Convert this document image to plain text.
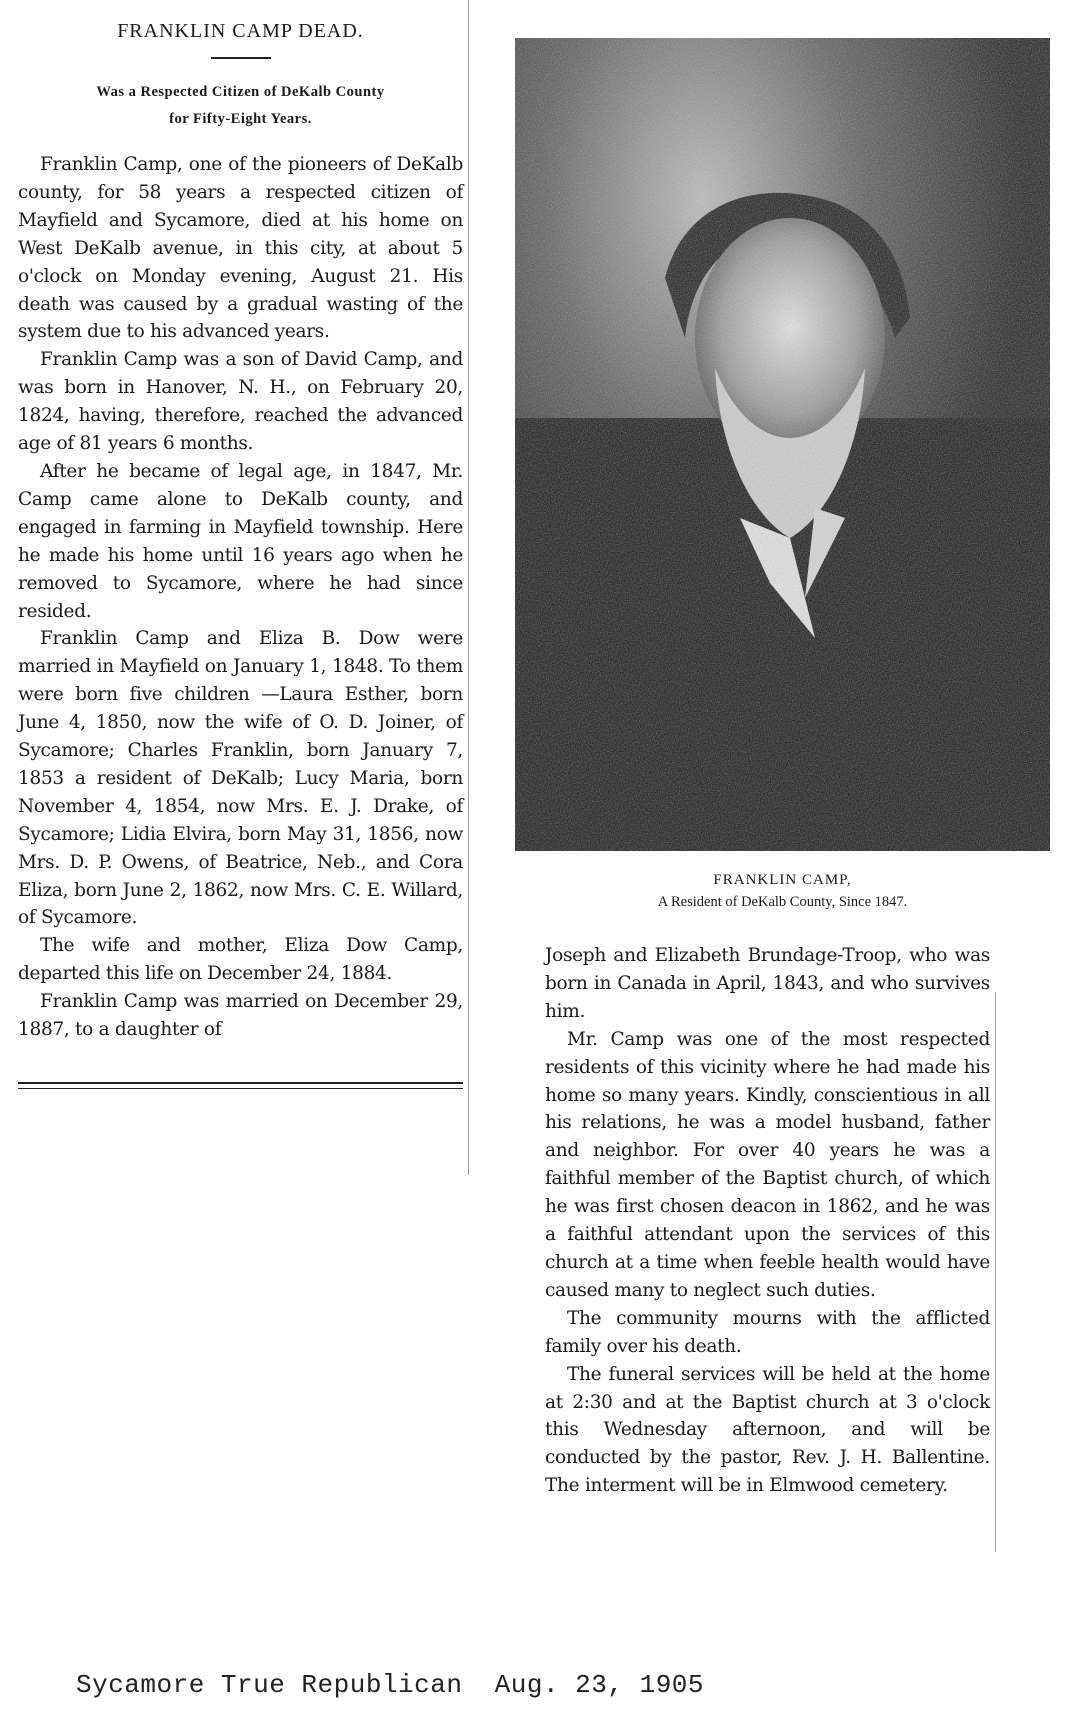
FRANKLIN CAMP DEAD.
Was a Respected Citizen of DeKalb County
for Fifty-Eight Years.

Franklin Camp, one of the pioneers of DeKalb county, for 58 years a respected citizen of Mayfield and Sycamore, died at his home on West DeKalb avenue, in this city, at about 5 o'clock on Monday evening, August 21. His death was caused by a gradual wasting of the system due to his advanced years.

Franklin Camp was a son of David Camp, and was born in Hanover, N. H., on February 20, 1824, having, therefore, reached the advanced age of 81 years 6 months.

After he became of legal age, in 1847, Mr. Camp came alone to DeKalb county, and engaged in farming in Mayfield township. Here he made his home until 16 years ago when he removed to Sycamore, where he had since resided.

Franklin Camp and Eliza B. Dow were married in Mayfield on January 1, 1848. To them were born five children —Laura Esther, born June 4, 1850, now the wife of O. D. Joiner, of Sycamore; Charles Franklin, born January 7, 1853 a resident of DeKalb; Lucy Maria, born November 4, 1854, now Mrs. E. J. Drake, of Sycamore; Lidia Elvira, born May 31, 1856, now Mrs. D. P. Owens, of Beatrice, Neb., and Cora Eliza, born June 2, 1862, now Mrs. C. E. Willard, of Sycamore.

The wife and mother, Eliza Dow Camp, departed this life on December 24, 1884.

Franklin Camp was married on December 29, 1887, to a daughter of

FRANKLIN CAMP,
A Resident of DeKalb County, Since 1847.

Joseph and Elizabeth Brundage-Troop, who was born in Canada in April, 1843, and who survives him.

Mr. Camp was one of the most respected residents of this vicinity where he had made his home so many years. Kindly, conscientious in all his relations, he was a model husband, father and neighbor. For over 40 years he was a faithful member of the Baptist church, of which he was first chosen deacon in 1862, and he was a faithful attendant upon the services of this church at a time when feeble health would have caused many to neglect such duties.

The community mourns with the afflicted family over his death.

The funeral services will be held at the home at 2:30 and at the Baptist church at 3 o'clock this Wednesday afternoon, and will be conducted by the pastor, Rev. J. H. Ballentine. The interment will be in Elmwood cemetery.

Sycamore True Republican  Aug. 23, 1905
